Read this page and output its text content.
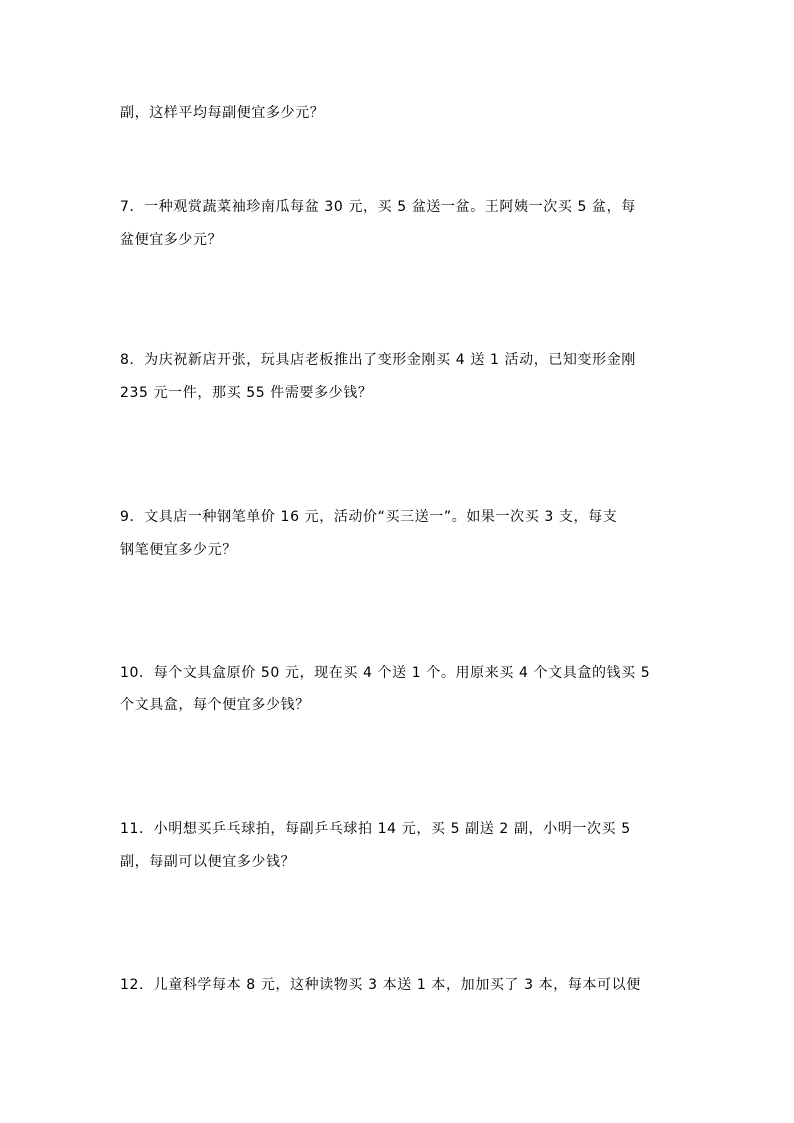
副，这样平均每副便宜多少元？
7．一种观赏蔬菜袖珍南瓜每盆 30 元，买 5 盆送一盆。王阿姨一次买 5 盆，每
盆便宜多少元？
8．为庆祝新店开张，玩具店老板推出了变形金刚买 4 送 1 活动，已知变形金刚
235 元一件，那买 55 件需要多少钱？
9．文具店一种钢笔单价 16 元，活动价“买三送一”。如果一次买 3 支，每支
钢笔便宜多少元？
10．每个文具盒原价 50 元，现在买 4 个送 1 个。用原来买 4 个文具盒的钱买 5
个文具盒，每个便宜多少钱？
11．小明想买乒乓球拍，每副乒乓球拍 14 元，买 5 副送 2 副，小明一次买 5
副，每副可以便宜多少钱？
12．儿童科学每本 8 元，这种读物买 3 本送 1 本，加加买了 3 本，每本可以便
